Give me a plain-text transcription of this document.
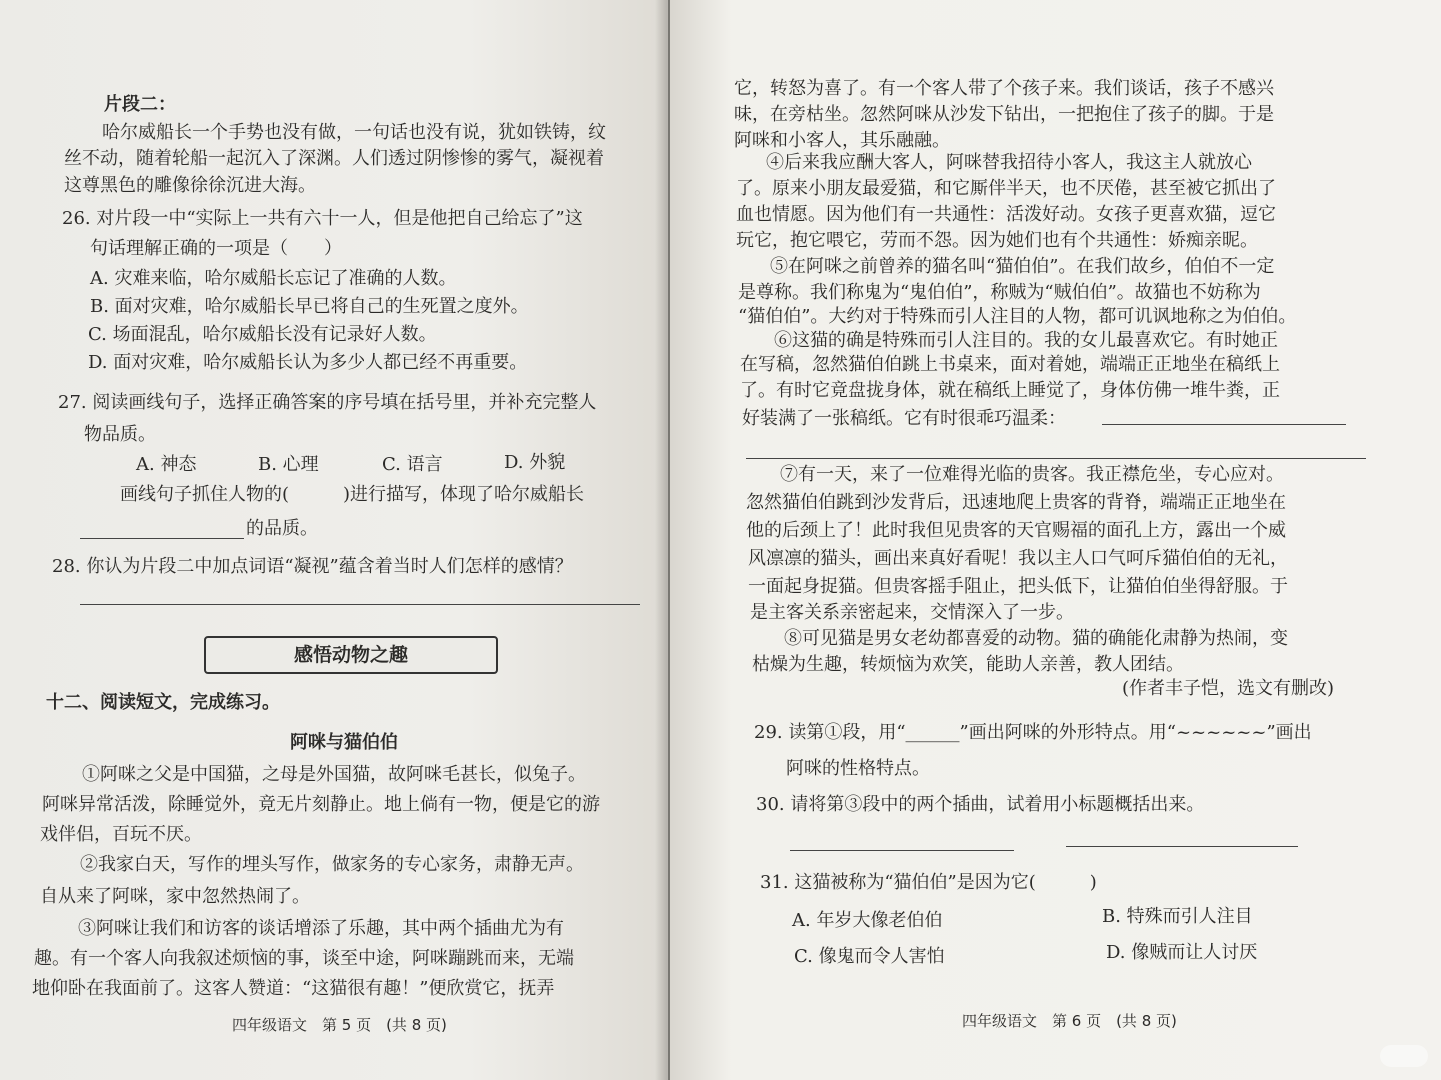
片段二：
哈尔威船长一个手势也没有做，一句话也没有说，犹如铁铸，纹
丝不动，随着轮船一起沉入了深渊。人们透过阴惨惨的雾气，凝视着
这尊黑色的雕像徐徐沉进大海。
26. 对片段一中“实际上一共有六十一人，但是他把自己给忘了”这
句话理解正确的一项是（　　）
A. 灾难来临，哈尔威船长忘记了准确的人数。
B. 面对灾难，哈尔威船长早已将自己的生死置之度外。
C. 场面混乱，哈尔威船长没有记录好人数。
D. 面对灾难，哈尔威船长认为多少人都已经不再重要。
27. 阅读画线句子，选择正确答案的序号填在括号里，并补充完整人
物品质。
A. 神态	B. 心理	C. 语言	D. 外貌
画线句子抓住人物的(　　　)进行描写，体现了哈尔威船长
的品质。
28. 你认为片段二中加点词语“凝视”蕴含着当时人们怎样的感情？
感悟动物之趣
十二、阅读短文，完成练习。
阿咪与猫伯伯
①阿咪之父是中国猫，之母是外国猫，故阿咪毛甚长，似兔子。
阿咪异常活泼，除睡觉外，竟无片刻静止。地上倘有一物，便是它的游
戏伴侣，百玩不厌。
②我家白天，写作的埋头写作，做家务的专心家务，肃静无声。
自从来了阿咪，家中忽然热闹了。
③阿咪让我们和访客的谈话增添了乐趣，其中两个插曲尤为有
趣。有一个客人向我叙述烦恼的事，谈至中途，阿咪蹦跳而来，无端
地仰卧在我面前了。这客人赞道：“这猫很有趣！”便欣赏它，抚弄
四年级语文　第 5 页　(共 8 页)
它，转怒为喜了。有一个客人带了个孩子来。我们谈话，孩子不感兴
味，在旁枯坐。忽然阿咪从沙发下钻出，一把抱住了孩子的脚。于是
阿咪和小客人，其乐融融。
④后来我应酬大客人，阿咪替我招待小客人，我这主人就放心
了。原来小朋友最爱猫，和它厮伴半天，也不厌倦，甚至被它抓出了
血也情愿。因为他们有一共通性：活泼好动。女孩子更喜欢猫，逗它
玩它，抱它喂它，劳而不怨。因为她们也有个共通性：娇痴亲昵。
⑤在阿咪之前曾养的猫名叫“猫伯伯”。在我们故乡，伯伯不一定
是尊称。我们称鬼为“鬼伯伯”，称贼为“贼伯伯”。故猫也不妨称为
“猫伯伯”。大约对于特殊而引人注目的人物，都可讥讽地称之为伯伯。
⑥这猫的确是特殊而引人注目的。我的女儿最喜欢它。有时她正
在写稿，忽然猫伯伯跳上书桌来，面对着她，端端正正地坐在稿纸上
了。有时它竟盘拢身体，就在稿纸上睡觉了，身体仿佛一堆牛粪，正
好装满了一张稿纸。它有时很乖巧温柔：
⑦有一天，来了一位难得光临的贵客。我正襟危坐，专心应对。
忽然猫伯伯跳到沙发背后，迅速地爬上贵客的背脊，端端正正地坐在
他的后颈上了！此时我但见贵客的天官赐福的面孔上方，露出一个威
风凛凛的猫头，画出来真好看呢！我以主人口气呵斥猫伯伯的无礼，
一面起身捉猫。但贵客摇手阻止，把头低下，让猫伯伯坐得舒服。于
是主客关系亲密起来，交情深入了一步。
⑧可见猫是男女老幼都喜爱的动物。猫的确能化肃静为热闹，变
枯燥为生趣，转烦恼为欢笑，能助人亲善，教人团结。
(作者丰子恺，选文有删改)
29. 读第①段，用“______”画出阿咪的外形特点。用“~~~~~~”画出
阿咪的性格特点。
30. 请将第③段中的两个插曲，试着用小标题概括出来。
31. 这猫被称为“猫伯伯”是因为它(　　　)
A. 年岁大像老伯伯	B. 特殊而引人注目
C. 像鬼而令人害怕	D. 像贼而让人讨厌
四年级语文　第 6 页　(共 8 页)
